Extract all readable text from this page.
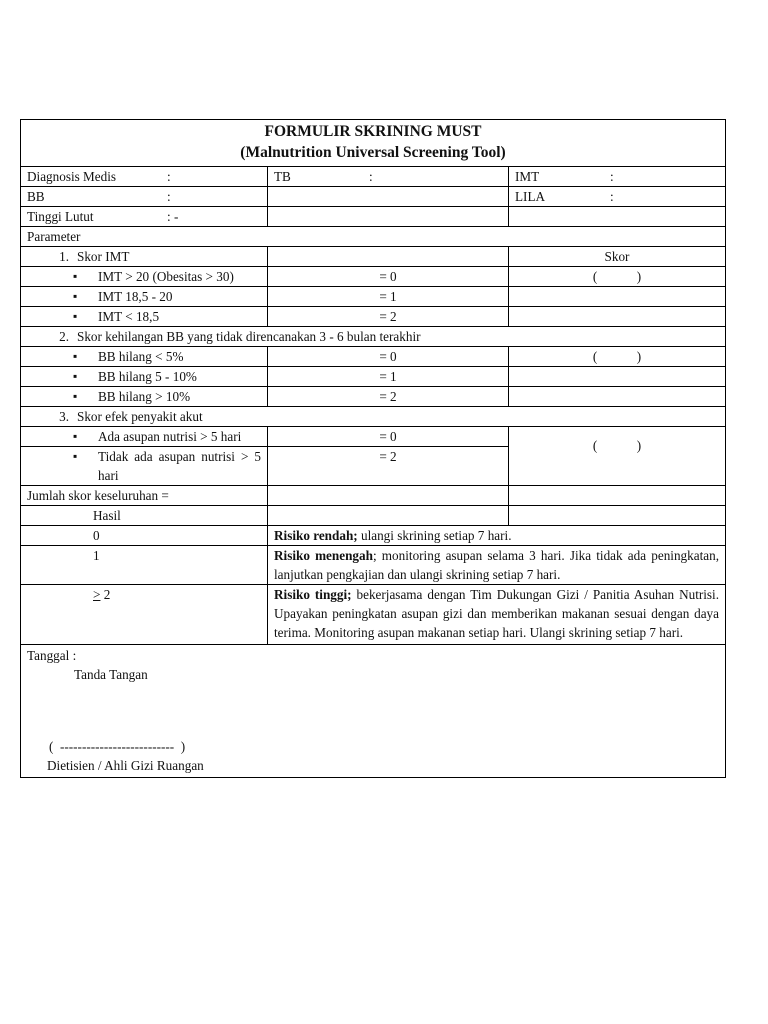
FORMULIR SKRINING MUST
(Malnutrition Universal Screening Tool)		

Diagnosis Medis :	TB :	IMT :
BB :		LILA :
Tinggi Lutut : -		
Parameter		
1. Skor IMT		Skor
▪ IMT > 20 (Obesitas > 30)	= 0	(            )
▪ IMT 18,5 - 20	= 1	
▪ IMT < 18,5	= 2	
2. Skor kehilangan BB yang tidak direncanakan 3 - 6 bulan terakhir		
▪ BB hilang < 5%	= 0	(            )
▪ BB hilang 5 - 10%	= 1	
▪ BB hilang > 10%	= 2	
3. Skor efek penyakit akut		
▪ Ada asupan nutrisi > 5 hari	= 0	(            )
▪ Tidak ada asupan nutrisi > 5 hari	= 2	
Jumlah skor keseluruhan =		
Hasil		
0	Risiko rendah; ulangi skrining setiap 7 hari.	
1	Risiko menengah; monitoring asupan selama 3 hari. Jika tidak ada peningkatan, lanjutkan pengkajian dan ulangi skrining setiap 7 hari.	
≥ 2	Risiko tinggi; bekerjasama dengan Tim Dukungan Gizi / Panitia Asuhan Nutrisi. Upayakan peningkatan asupan gizi dan memberikan makanan sesuai dengan daya terima. Monitoring asupan makanan setiap hari. Ulangi skrining setiap 7 hari.	

Tanggal :
Tanda Tangan
(  --------------------------  )
Dietisien / Ahli Gizi Ruangan		
